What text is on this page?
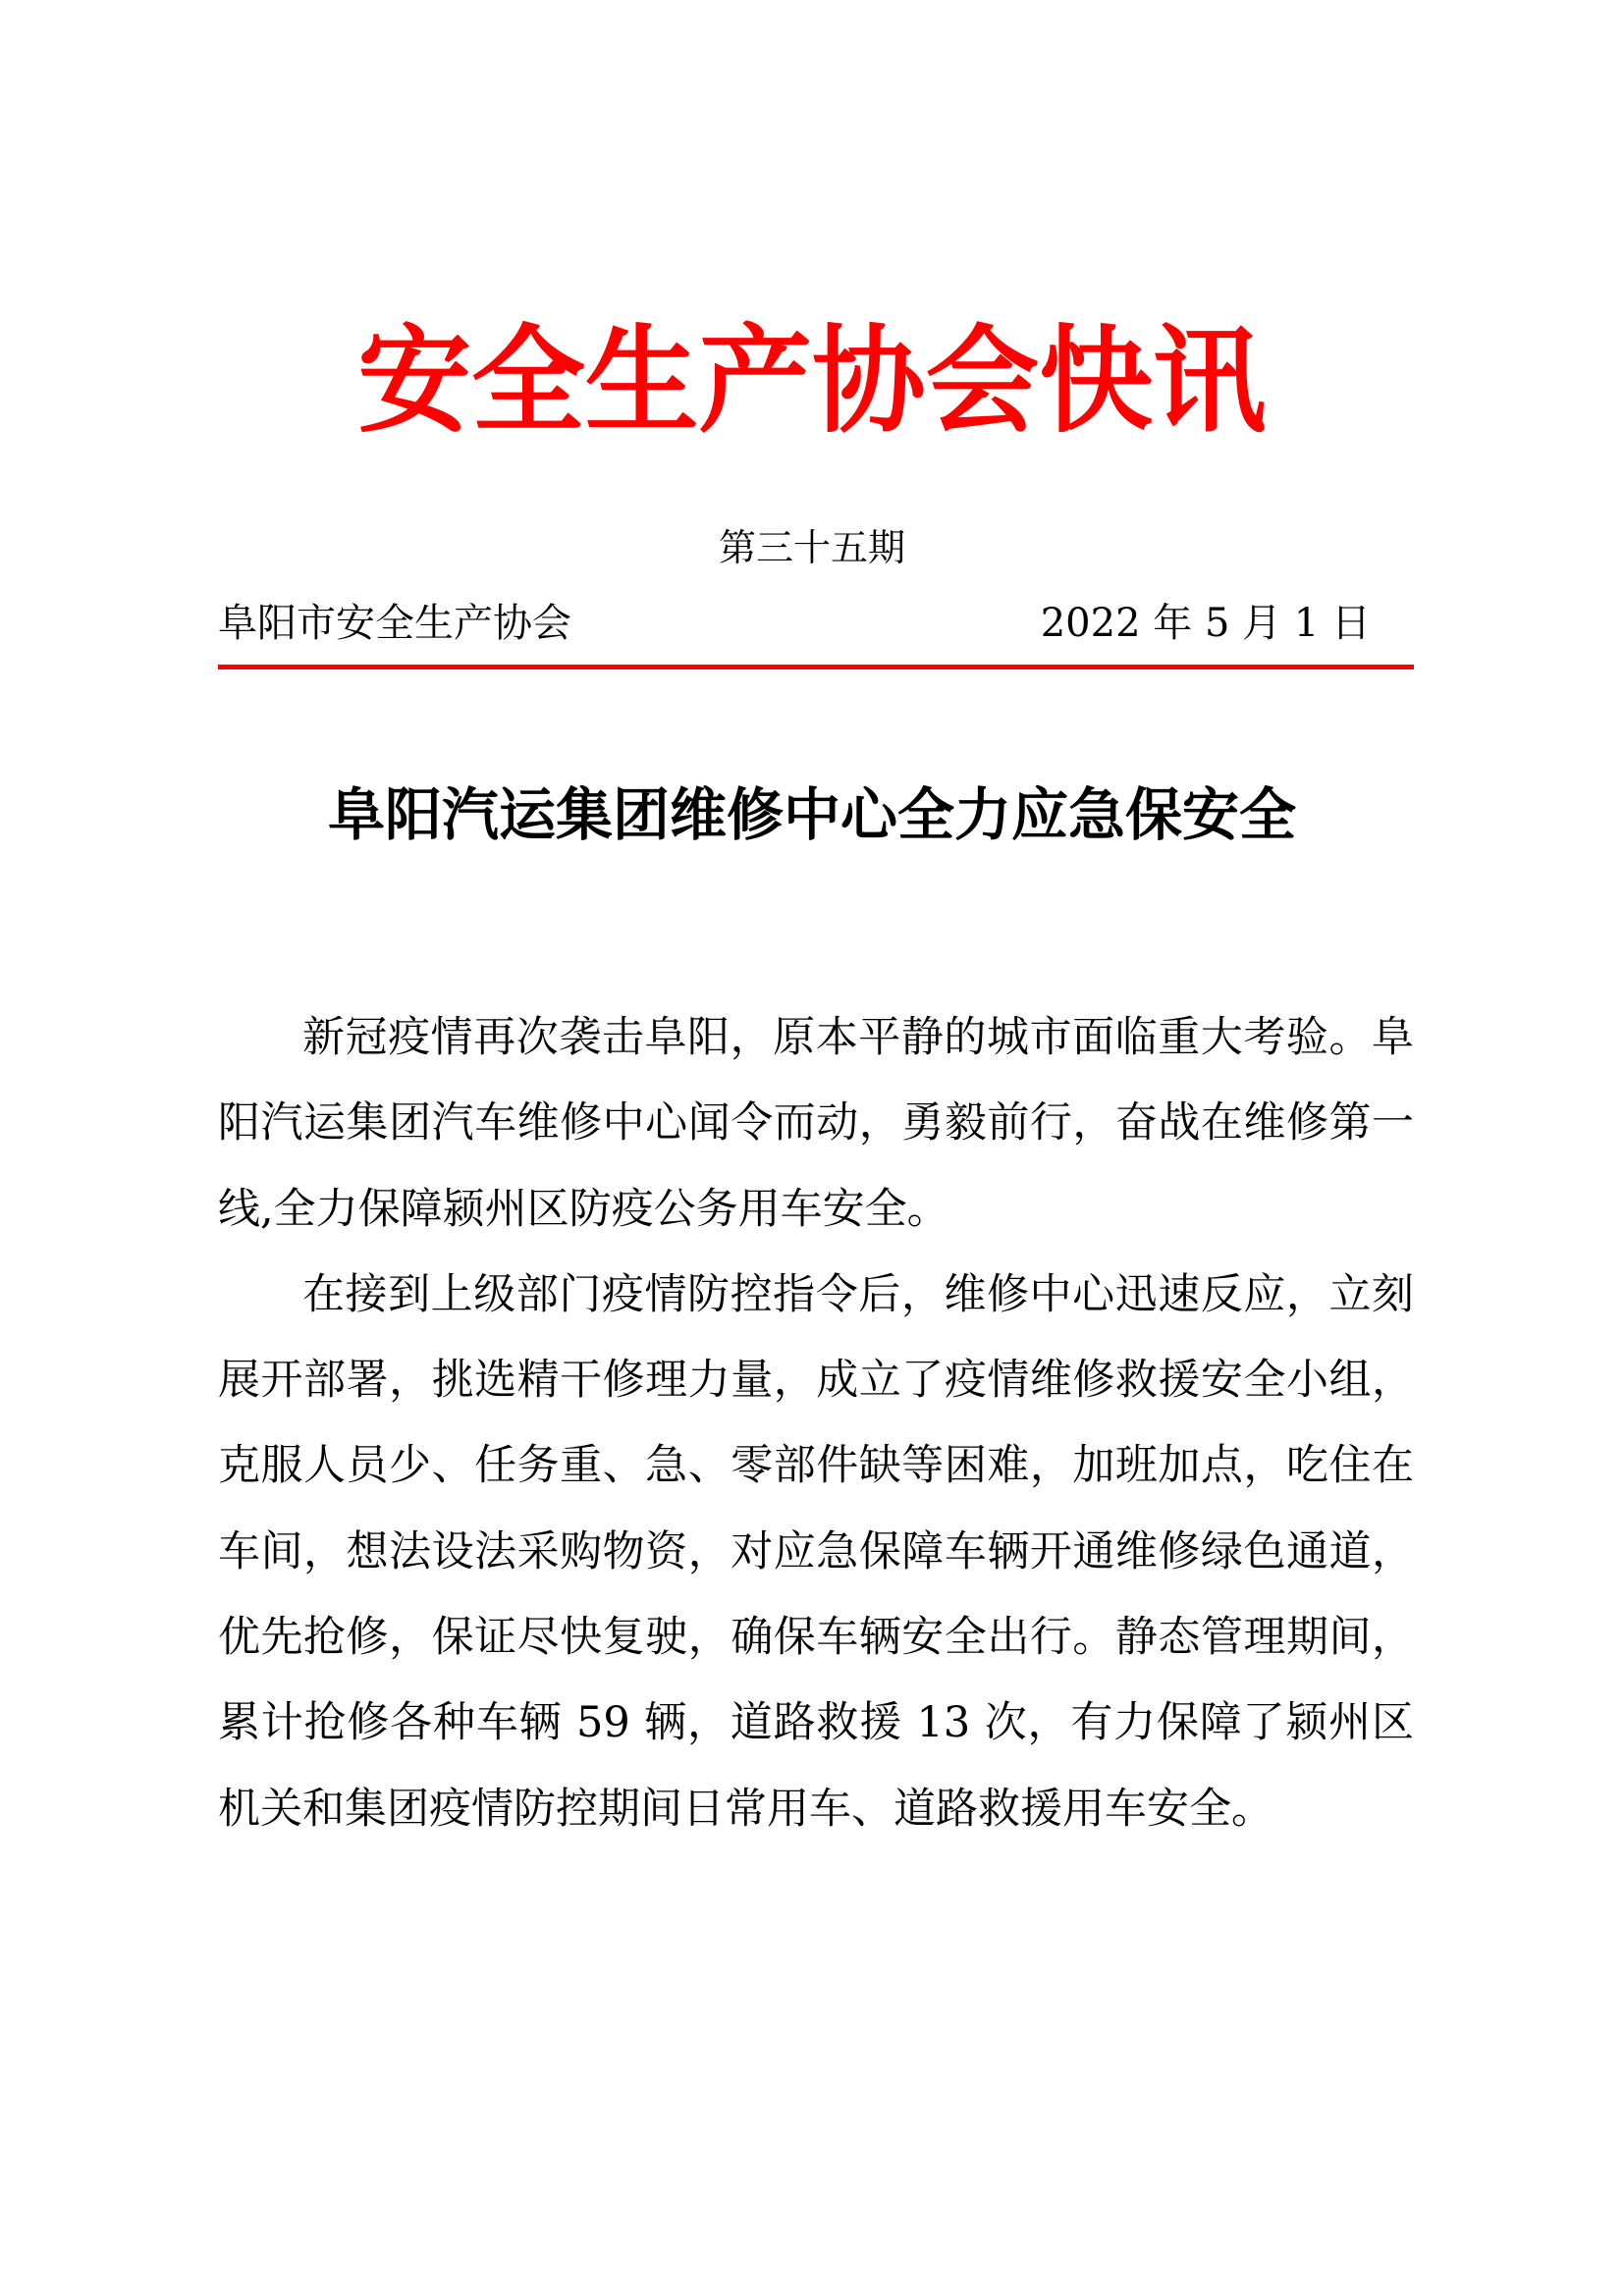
安全生产协会快讯
第三十五期
阜阳市安全生产协会	2022 年 5 月 1 日
阜阳汽运集团维修中心全力应急保安全

新冠疫情再次袭击阜阳，原本平静的城市面临重大考验。阜阳汽运集团汽车维修中心闻令而动，勇毅前行，奋战在维修第一线,全力保障颍州区防疫公务用车安全。

在接到上级部门疫情防控指令后，维修中心迅速反应，立刻展开部署，挑选精干修理力量，成立了疫情维修救援安全小组，克服人员少、任务重、急、零部件缺等困难，加班加点，吃住在车间，想法设法采购物资，对应急保障车辆开通维修绿色通道，优先抢修，保证尽快复驶，确保车辆安全出行。静态管理期间，累计抢修各种车辆 59 辆，道路救援 13 次，有力保障了颍州区机关和集团疫情防控期间日常用车、道路救援用车安全。
